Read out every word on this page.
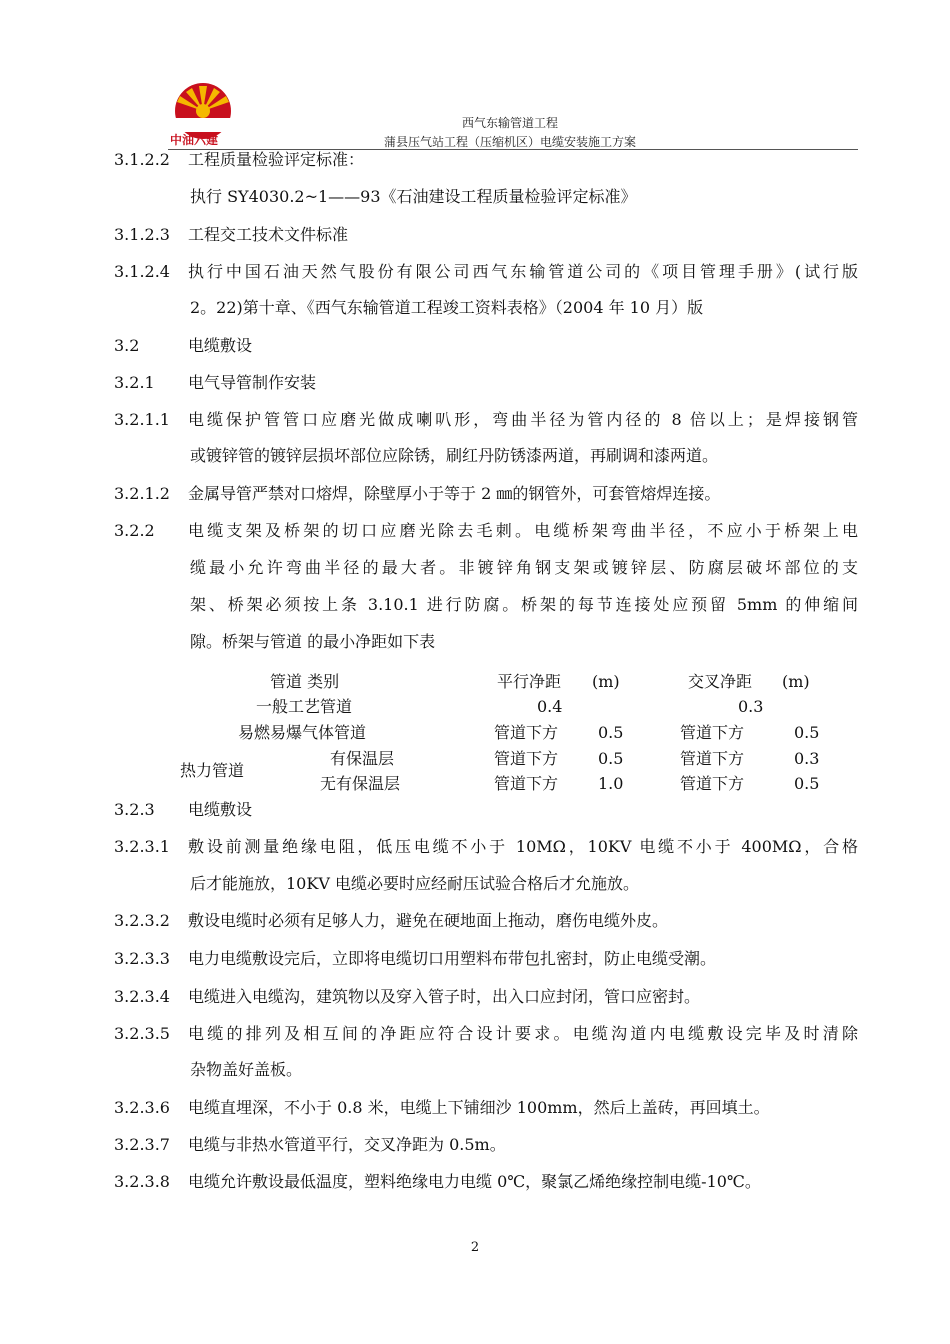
中油六建
西气东输管道工程
蒲县压气站工程（压缩机区）电缆安装施工方案
3.1.2.2	工程质量检验评定标准：
执行 SY4030.2~1——93《石油建设工程质量检验评定标准》
3.1.2.3	工程交工技术文件标准
3.1.2.4	执行中国石油天然气股份有限公司西气东输管道公司的《项目管理手册》(试行版
2。22)第十章、《西气东输管道工程竣工资料表格》（2004 年 10 月）版
3.2	电缆敷设
3.2.1	电气导管制作安装
3.2.1.1	电缆保护管管口应磨光做成喇叭形，弯曲半径为管内径的 8 倍以上；是焊接钢管
或镀锌管的镀锌层损坏部位应除锈，刷红丹防锈漆两道，再刷调和漆两道。
3.2.1.2	金属导管严禁对口熔焊，除壁厚小于等于 2 ㎜的钢管外，可套管熔焊连接。
3.2.2	电缆支架及桥架的切口应磨光除去毛刺。电缆桥架弯曲半径，不应小于桥架上电
缆最小允许弯曲半径的最大者。非镀锌角钢支架或镀锌层、防腐层破坏部位的支
架、桥架必须按上条 3.10.1 进行防腐。桥架的每节连接处应预留 5mm 的伸缩间
隙。桥架与管道 的最小净距如下表
管道 类别	平行净距 (m)	交叉净距 (m)
一般工艺管道	0.4	0.3
易燃易爆气体管道	管道下方 0.5	管道下方	0.5
热力管道
有保温层	管道下方 0.5	管道下方	0.3
无有保温层	管道下方 1.0	管道下方	0.5
3.2.3	电缆敷设
3.2.3.1	敷设前测量绝缘电阻，低压电缆不小于 10MΩ，10KV 电缆不小于 400MΩ，合格
后才能施放，10KV 电缆必要时应经耐压试验合格后才允施放。
3.2.3.2	敷设电缆时必须有足够人力，避免在硬地面上拖动，磨伤电缆外皮。
3.2.3.3	电力电缆敷设完后，立即将电缆切口用塑料布带包扎密封，防止电缆受潮。
3.2.3.4	电缆进入电缆沟，建筑物以及穿入管子时，出入口应封闭，管口应密封。
3.2.3.5	电缆的排列及相互间的净距应符合设计要求。电缆沟道内电缆敷设完毕及时清除
杂物盖好盖板。
3.2.3.6	电缆直埋深，不小于 0.8 米，电缆上下铺细沙 100mm，然后上盖砖，再回填土。
3.2.3.7	电缆与非热水管道平行，交叉净距为 0.5m。
3.2.3.8	电缆允许敷设最低温度，塑料绝缘电力电缆 0℃，聚氯乙烯绝缘控制电缆-10℃。
2
